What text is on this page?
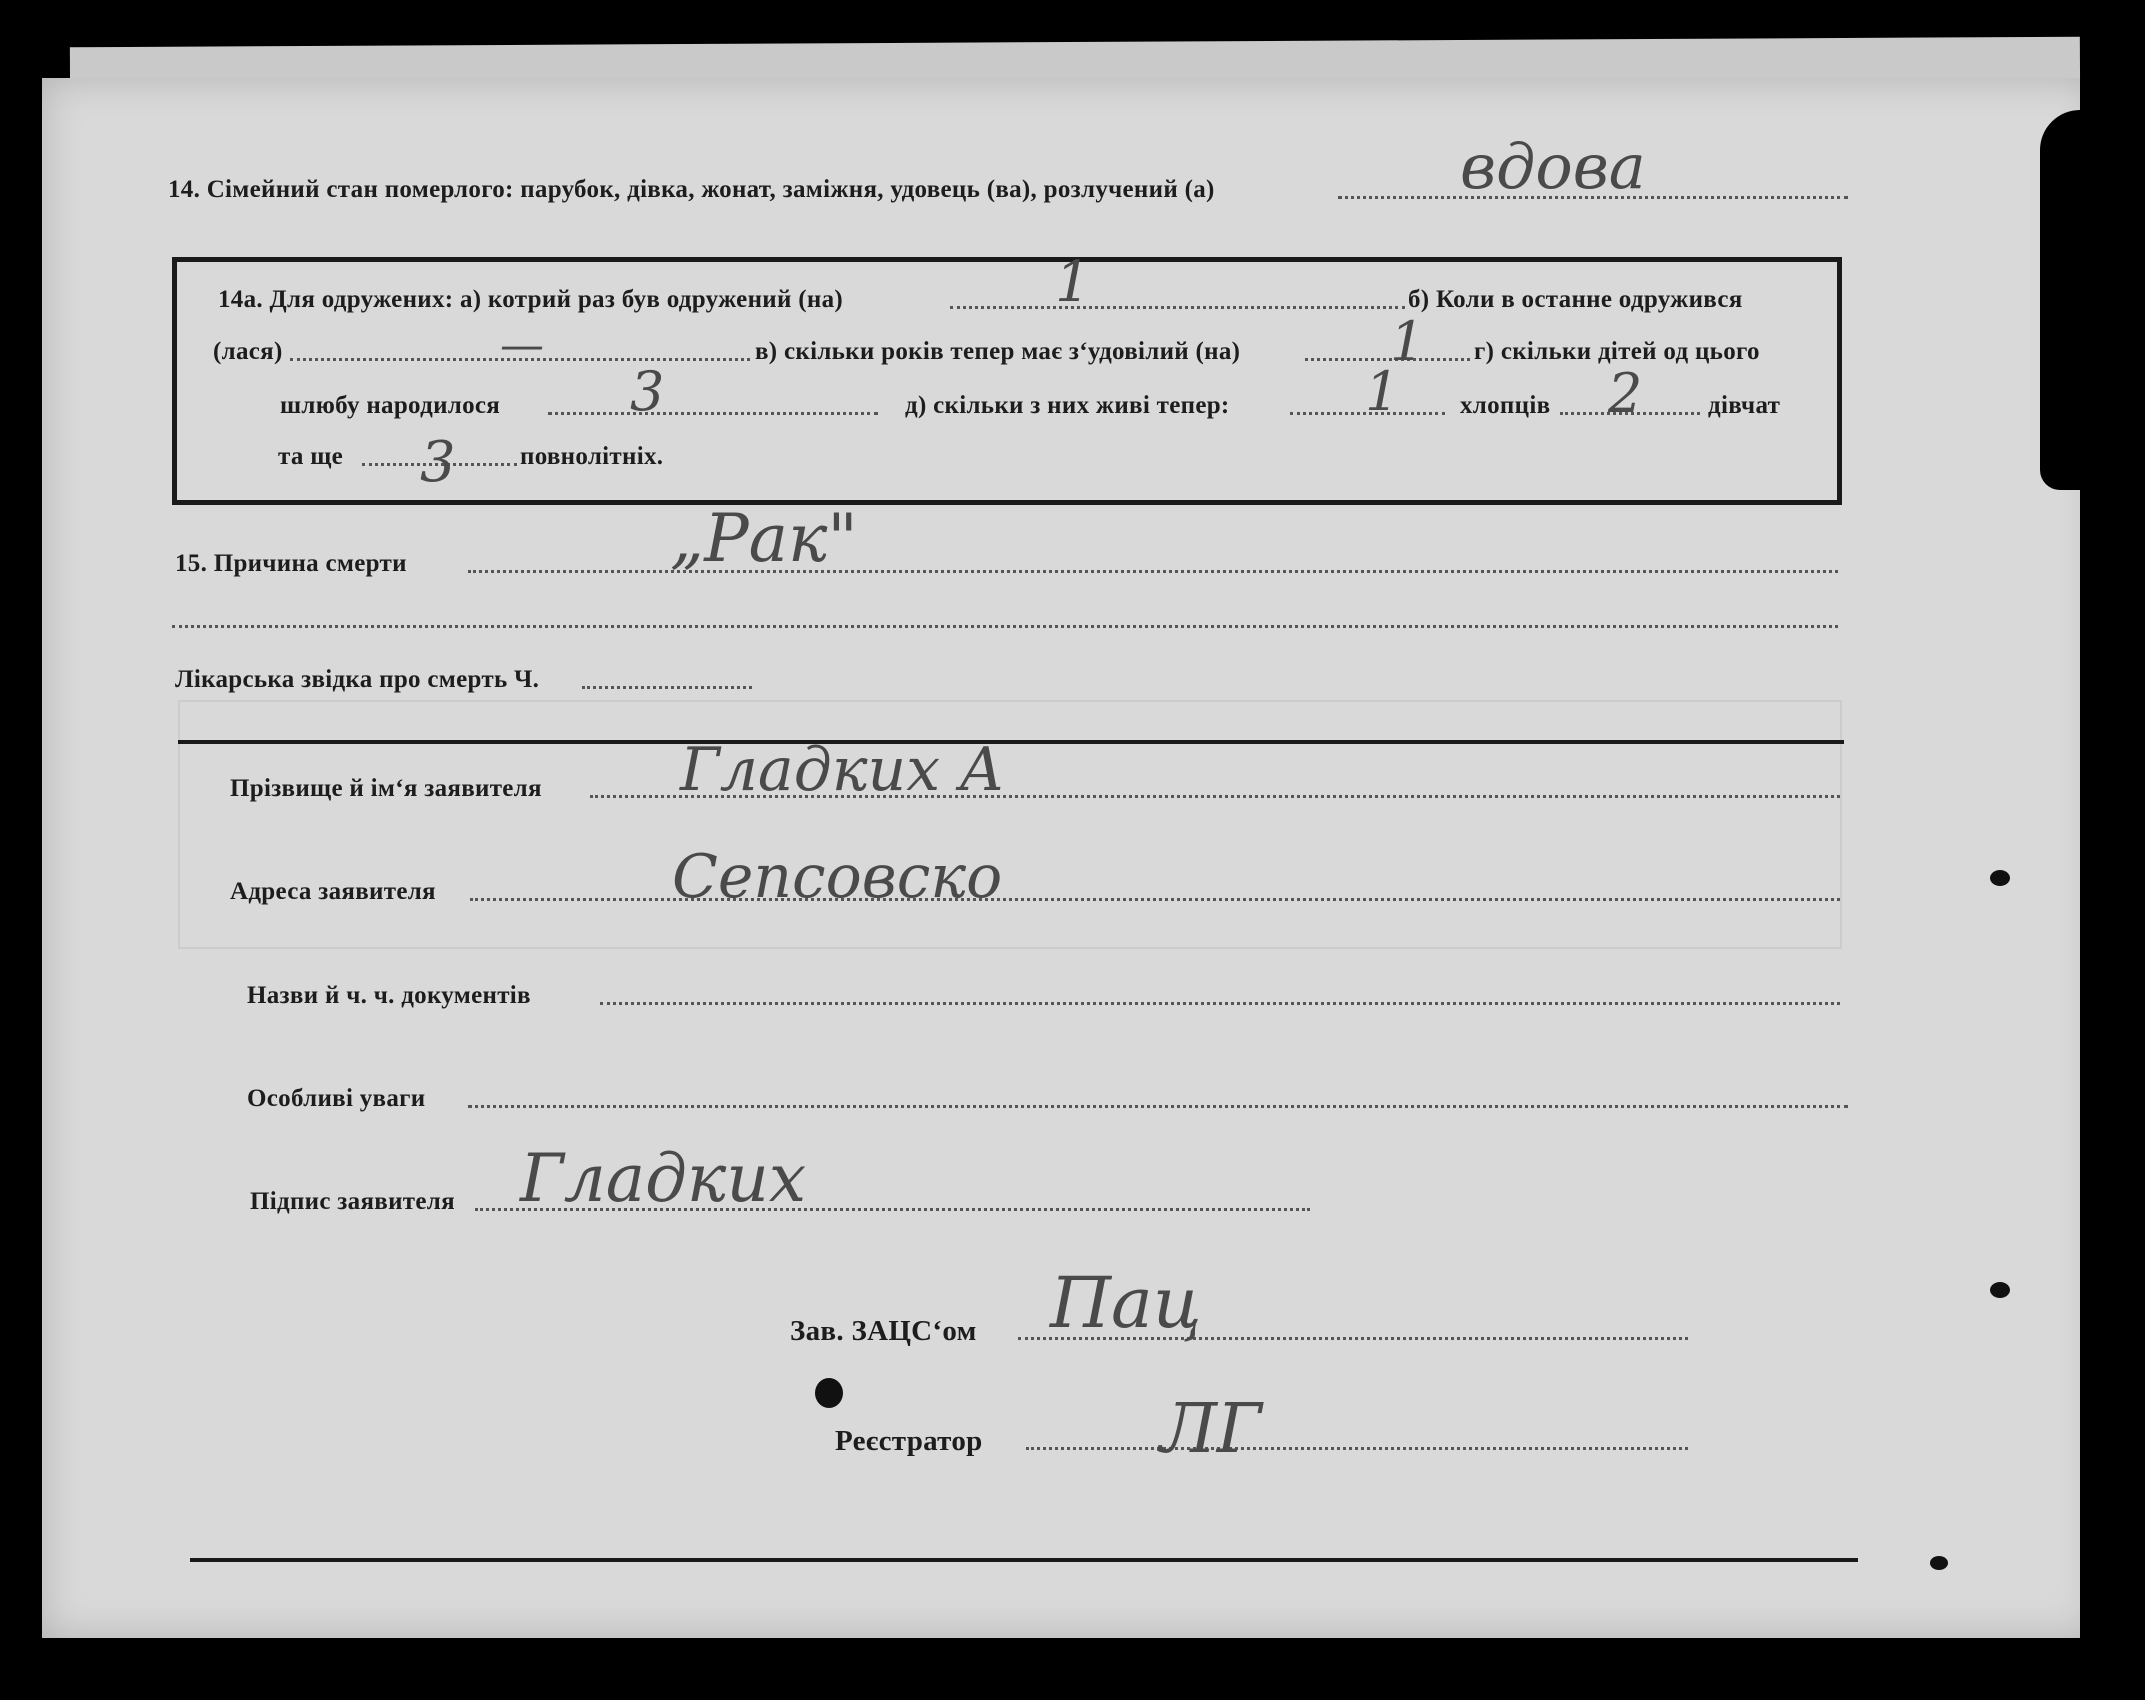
14. Сімейний стан померлого: парубок, дівка, жонат, заміжня, удовець (ва), розлучений (а)	вдова
14а. Для одружених: а) котрий раз був одружений (на)	1	б) Коли в останне одружився
(лася)	—	в) скільки років тепер має з‘удовілий (на)	1 г) скільки дітей од цього
шлюбу народилося 3	д) скільки з них живі тепер:	1 хлопців 2	дівчат
та ще 3	повнолітніх.
15. Причина смерти	„Рак"
Лікарська звідка про смерть Ч.
Прізвище й ім‘я заявителя Гладких А
Адреса заявителя	Сепсовско
Назви й ч. ч. документів
Особливі уваги
Підпис заявителя Гладких
Зав. ЗАЦС‘ом Пац
Реєстратор	ЛГ
